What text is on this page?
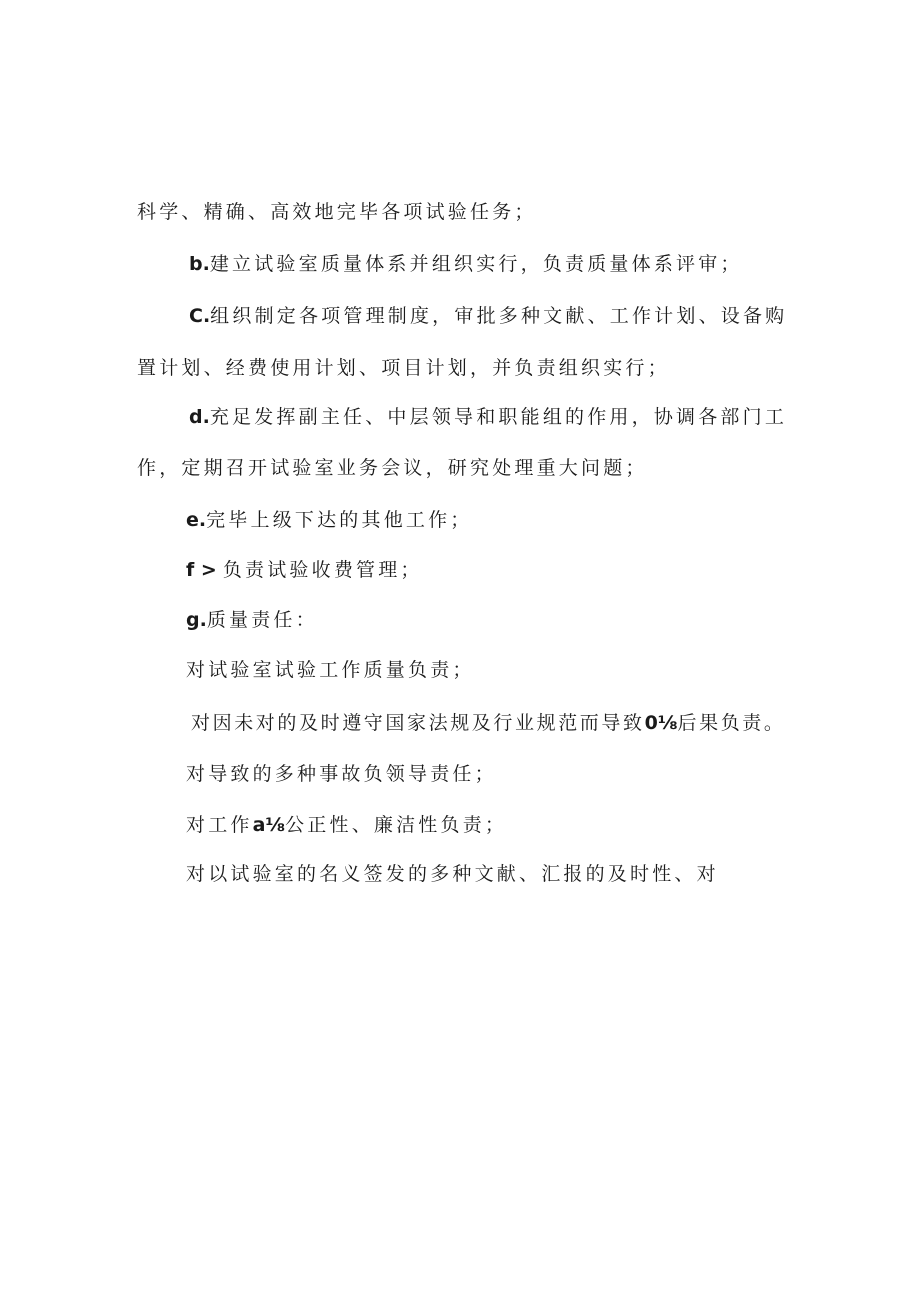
科学、精确、高效地完毕各项试验任务；
b.建立试验室质量体系并组织实行，负责质量体系评审；
C.组织制定各项管理制度，审批多种文献、工作计划、设备购
置计划、经费使用计划、项目计划，并负责组织实行；
d.充足发挥副主任、中层领导和职能组的作用，协调各部门工
作，定期召开试验室业务会议，研究处理重大问题；
e.完毕上级下达的其他工作；
f > 负责试验收费管理；
g.质量责任：
对试验室试验工作质量负责；
对因未对的及时遵守国家法规及行业规范而导致0⅛后果负责。
对导致的多种事故负领导责任；
对工作a⅛公正性、廉洁性负责；
对以试验室的名义签发的多种文献、汇报的及时性、对
